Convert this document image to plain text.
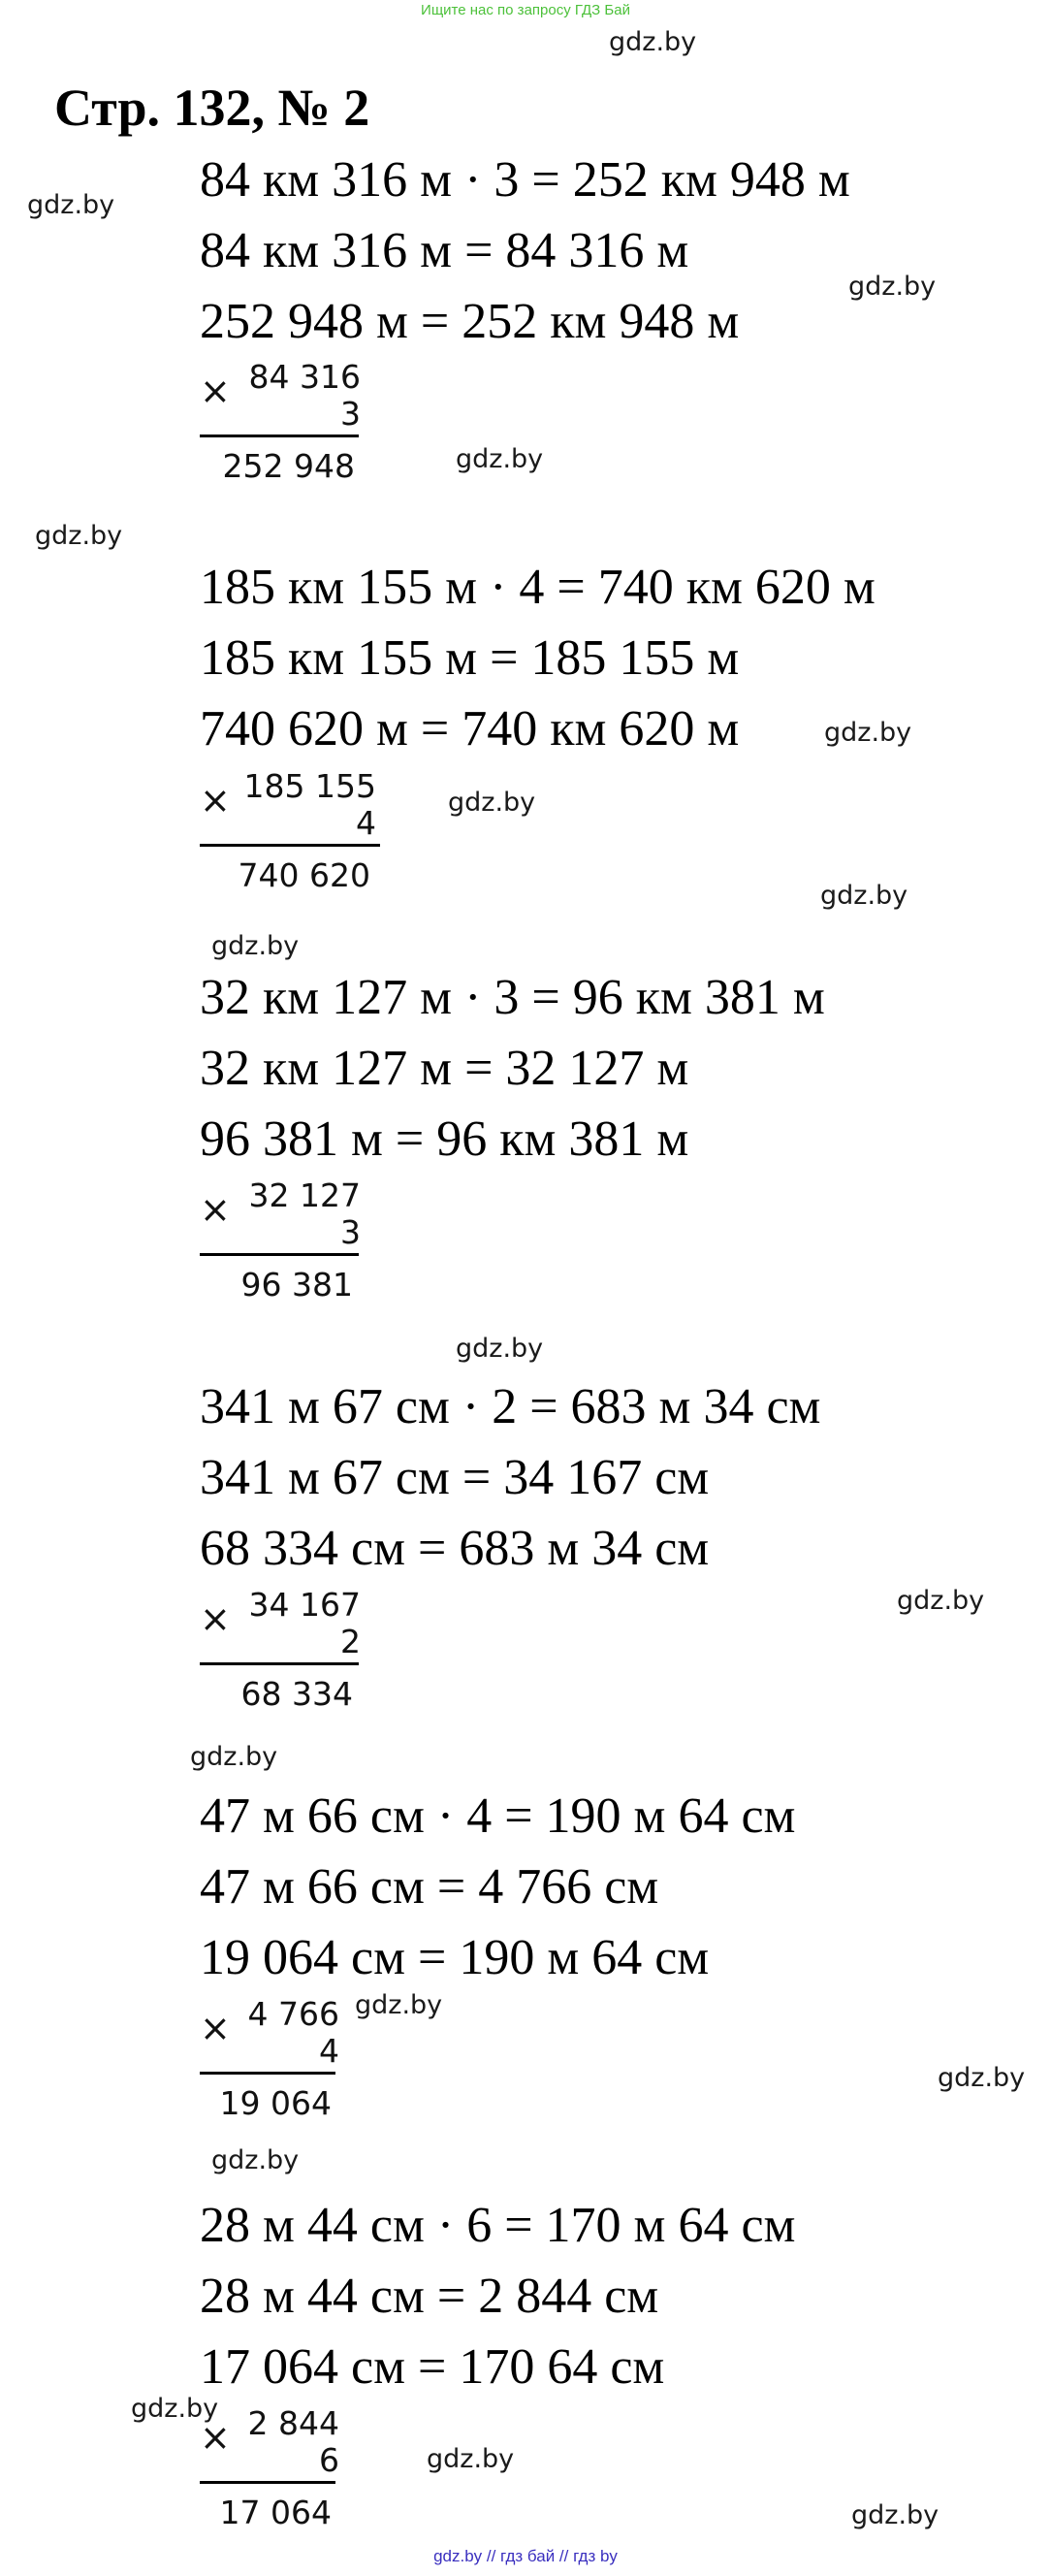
Ищите нас по запросу ГДЗ Бай
Стр. 132, № 2
gdz.by
gdz.by
gdz.by
gdz.by
gdz.by
gdz.by
gdz.by
gdz.by
gdz.by
gdz.by
gdz.by
gdz.by
gdz.by
gdz.by
gdz.by
gdz.by
gdz.by
gdz.by
84 км 316 м · 3 = 252 км 948 м
84 км 316 м = 84 316 м
252 948 м = 252 км 948 м
× 84 316
3
252 948
185 км 155 м · 4 = 740 км 620 м
185 км 155 м = 185 155 м
740 620 м = 740 км 620 м
× 185 155
4
740 620
32 км 127 м · 3 = 96 км 381 м
32 км 127 м = 32 127 м
96 381 м = 96 км 381 м
× 32 127
3
96 381
341 м 67 см · 2 = 683 м 34 см
341 м 67 см = 34 167 см
68 334 см = 683 м 34 см
× 34 167
2
68 334
47 м 66 см · 4 = 190 м 64 см
47 м 66 см = 4 766 см
19 064 см = 190 м 64 см
× 4 766
4
19 064
28 м 44 см · 6 = 170 м 64 см
28 м 44 см = 2 844 см
17 064 см = 170 64 см
× 2 844
6
17 064
gdz.by // гдз бай // гдз by
